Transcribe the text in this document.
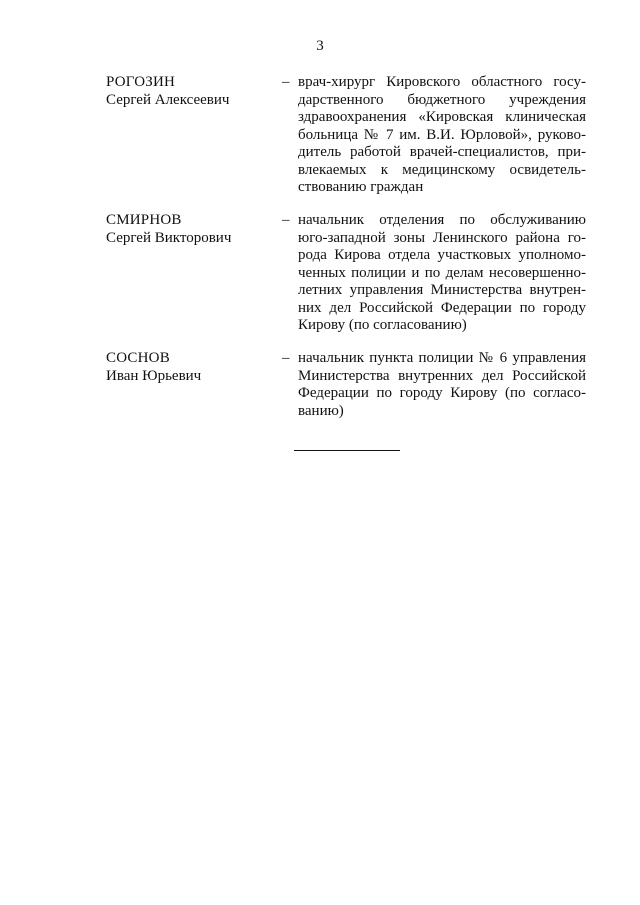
3
РОГОЗИН
Сергей Алексеевич
– врач-хирург Кировского областного госу-
дарственного бюджетного учреждения
здравоохранения «Кировская клиническая
больница № 7 им. В.И. Юрловой», руково-
дитель работой врачей-специалистов, при-
влекаемых к медицинскому освидетель-
ствованию граждан
СМИРНОВ
Сергей Викторович
– начальник отделения по обслуживанию
юго-западной зоны Ленинского района го-
рода Кирова отдела участковых уполномо-
ченных полиции и по делам несовершенно-
летних управления Министерства внутрен-
них дел Российской Федерации по городу
Кирову (по согласованию)
СОСНОВ
Иван Юрьевич
– начальник пункта полиции № 6 управления
Министерства внутренних дел Российской
Федерации по городу Кирову (по согласо-
ванию)
